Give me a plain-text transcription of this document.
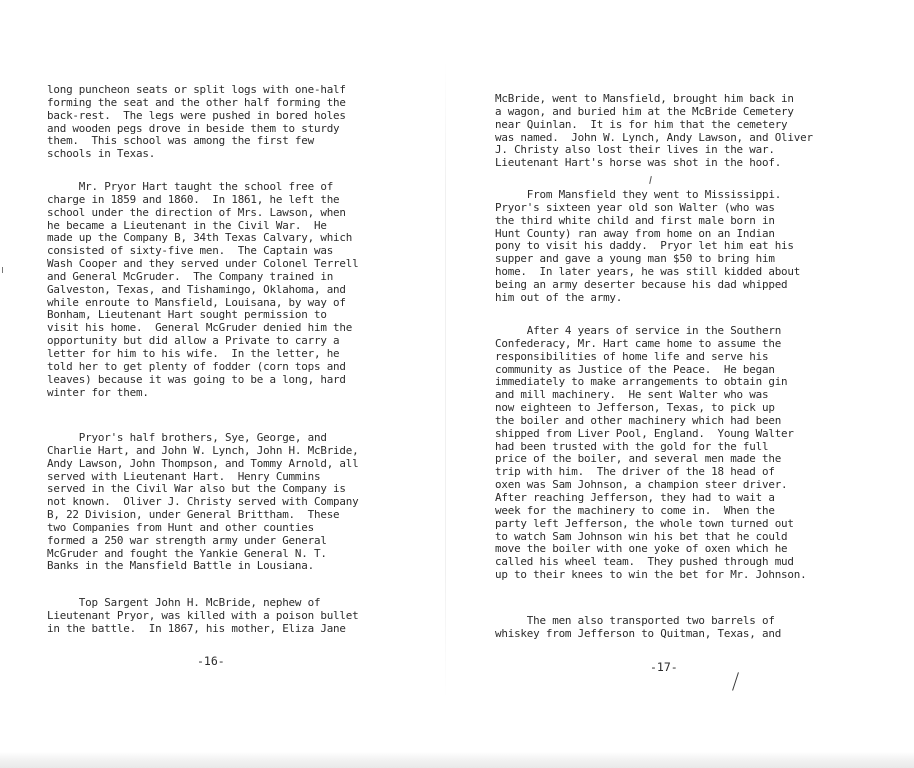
long puncheon seats or split logs with one-half
forming the seat and the other half forming the
back-rest.  The legs were pushed in bored holes
and wooden pegs drove in beside them to sturdy
them.  This school was among the first few
schools in Texas.

Mr. Pryor Hart taught the school free of
charge in 1859 and 1860.  In 1861, he left the
school under the direction of Mrs. Lawson, when
he became a Lieutenant in the Civil War.  He
made up the Company B, 34th Texas Calvary, which
consisted of sixty-five men.  The Captain was
Wash Cooper and they served under Colonel Terrell
and General McGruder.  The Company trained in
Galveston, Texas, and Tishamingo, Oklahoma, and
while enroute to Mansfield, Louisana, by way of
Bonham, Lieutenant Hart sought permission to
visit his home.  General McGruder denied him the
opportunity but did allow a Private to carry a
letter for him to his wife.  In the letter, he
told her to get plenty of fodder (corn tops and
leaves) because it was going to be a long, hard
winter for them.

Pryor's half brothers, Sye, George, and
Charlie Hart, and John W. Lynch, John H. McBride,
Andy Lawson, John Thompson, and Tommy Arnold, all
served with Lieutenant Hart.  Henry Cummins
served in the Civil War also but the Company is
not known.  Oliver J. Christy served with Company
B, 22 Division, under General Brittham.  These
two Companies from Hunt and other counties
formed a 250 war strength army under General
McGruder and fought the Yankie General N. T.
Banks in the Mansfield Battle in Lousiana.

Top Sargent John H. McBride, nephew of
Lieutenant Pryor, was killed with a poison bullet
in the battle.  In 1867, his mother, Eliza Jane

-16-

McBride, went to Mansfield, brought him back in
a wagon, and buried him at the McBride Cemetery
near Quinlan.  It is for him that the cemetery
was named.  John W. Lynch, Andy Lawson, and Oliver
J. Christy also lost their lives in the war.
Lieutenant Hart's horse was shot in the hoof.

From Mansfield they went to Mississippi.
Pryor's sixteen year old son Walter (who was
the third white child and first male born in
Hunt County) ran away from home on an Indian
pony to visit his daddy.  Pryor let him eat his
supper and gave a young man $50 to bring him
home.  In later years, he was still kidded about
being an army deserter because his dad whipped
him out of the army.

After 4 years of service in the Southern
Confederacy, Mr. Hart came home to assume the
responsibilities of home life and serve his
community as Justice of the Peace.  He began
immediately to make arrangements to obtain gin
and mill machinery.  He sent Walter who was
now eighteen to Jefferson, Texas, to pick up
the boiler and other machinery which had been
shipped from Liver Pool, England.  Young Walter
had been trusted with the gold for the full
price of the boiler, and several men made the
trip with him.  The driver of the 18 head of
oxen was Sam Johnson, a champion steer driver.
After reaching Jefferson, they had to wait a
week for the machinery to come in.  When the
party left Jefferson, the whole town turned out
to watch Sam Johnson win his bet that he could
move the boiler with one yoke of oxen which he
called his wheel team.  They pushed through mud
up to their knees to win the bet for Mr. Johnson.

The men also transported two barrels of
whiskey from Jefferson to Quitman, Texas, and

-17-
